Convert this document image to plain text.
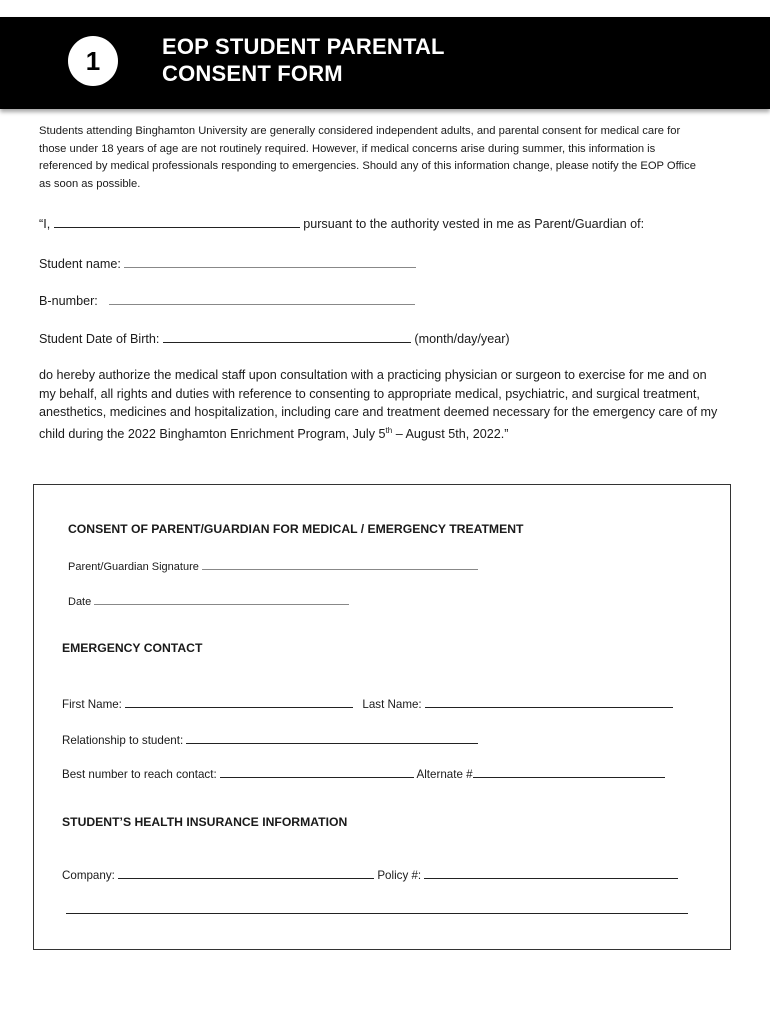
1	EOP STUDENT PARENTAL
CONSENT FORM

Students attending Binghamton University are generally considered independent adults, and parental consent for medical care for those under 18 years of age are not routinely required. However, if medical concerns arise during summer, this information is referenced by medical professionals responding to emergencies. Should any of this information change, please notify the EOP Office as soon as possible.

“I,	pursuant to the authority vested in me as Parent/Guardian of:
Student name:
B-number:
Student Date of Birth:	(month/day/year)

do hereby authorize the medical staff upon consultation with a practicing physician or surgeon to exercise for me and on my behalf, all rights and duties with reference to consenting to appropriate medical, psychiatric, and surgical treatment, anesthetics, medicines and hospitalization, including care and treatment deemed necessary for the emergency care of my child during the 2022 Binghamton Enrichment Program, July 5th – August 5th, 2022.”

CONSENT OF PARENT/GUARDIAN FOR MEDICAL / EMERGENCY TREATMENT
Parent/Guardian Signature
Date
EMERGENCY CONTACT
First Name:	Last Name:
Relationship to student:
Best number to reach contact:	Alternate #
STUDENT’S HEALTH INSURANCE INFORMATION
Company:	Policy #:
